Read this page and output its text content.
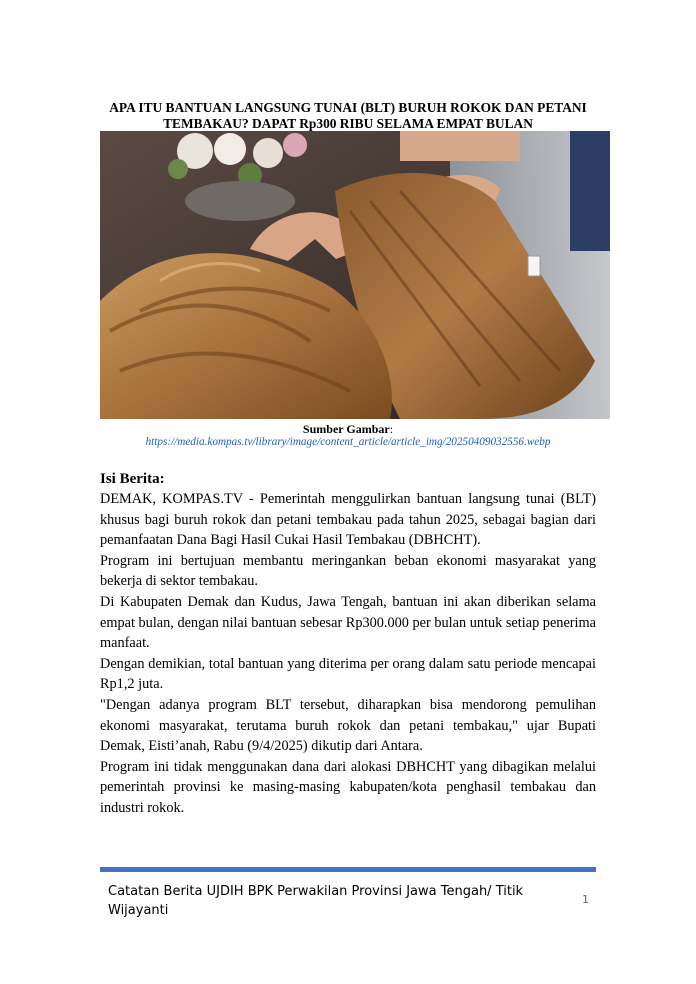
APA ITU BANTUAN LANGSUNG TUNAI (BLT) BURUH ROKOK DAN PETANI TEMBAKAU? DAPAT Rp300 RIBU SELAMA EMPAT BULAN
Sumber Gambar:
https://media.kompas.tv/library/image/content_article/article_img/20250409032556.webp
Isi Berita:

DEMAK, KOMPAS.TV - Pemerintah menggulirkan bantuan langsung tunai (BLT) khusus bagi buruh rokok dan petani tembakau pada tahun 2025, sebagai bagian dari pemanfaatan Dana Bagi Hasil Cukai Hasil Tembakau (DBHCHT).

Program ini bertujuan membantu meringankan beban ekonomi masyarakat yang bekerja di sektor tembakau.

Di Kabupaten Demak dan Kudus, Jawa Tengah, bantuan ini akan diberikan selama empat bulan, dengan nilai bantuan sebesar Rp300.000 per bulan untuk setiap penerima manfaat.

Dengan demikian, total bantuan yang diterima per orang dalam satu periode mencapai Rp1,2 juta.

"Dengan adanya program BLT tersebut, diharapkan bisa mendorong pemulihan ekonomi masyarakat, terutama buruh rokok dan petani tembakau," ujar Bupati Demak, Eisti’anah, Rabu (9/4/2025) dikutip dari Antara.

Program ini tidak menggunakan dana dari alokasi DBHCHT yang dibagikan melalui pemerintah provinsi ke masing-masing kabupaten/kota penghasil tembakau dan industri rokok.

Catatan Berita UJDIH BPK Perwakilan Provinsi Jawa Tengah/ Titik Wijayanti
1
